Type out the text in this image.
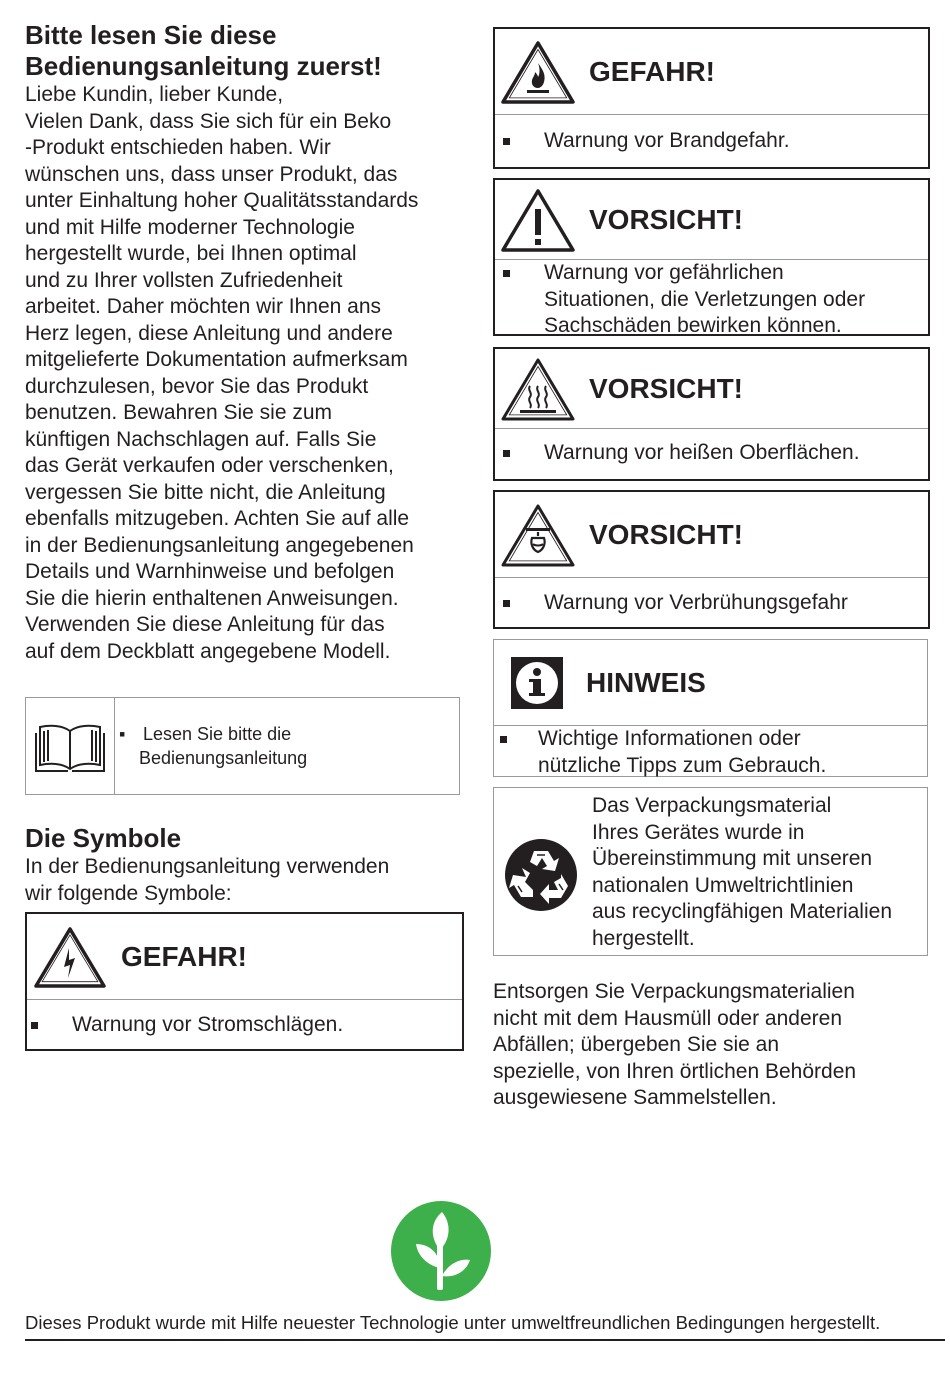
Bitte lesen Sie diese Bedienungsanleitung zuerst!
Liebe Kundin, lieber Kunde,
Vielen Dank, dass Sie sich für ein Beko
-Produkt entschieden haben. Wir
wünschen uns, dass unser Produkt, das
unter Einhaltung hoher Qualitätsstandards
und mit Hilfe moderner Technologie
hergestellt wurde, bei Ihnen optimal
und zu Ihrer vollsten Zufriedenheit
arbeitet. Daher möchten wir Ihnen ans
Herz legen, diese Anleitung und andere
mitgelieferte Dokumentation aufmerksam
durchzulesen, bevor Sie das Produkt
benutzen. Bewahren Sie sie zum
künftigen Nachschlagen auf. Falls Sie
das Gerät verkaufen oder verschenken,
vergessen Sie bitte nicht, die Anleitung
ebenfalls mitzugeben. Achten Sie auf alle
in der Bedienungsanleitung angegebenen
Details und Warnhinweise und befolgen
Sie die hierin enthaltenen Anweisungen.
Verwenden Sie diese Anleitung für das
auf dem Deckblatt angegebene Modell.
▪ Lesen Sie bitte die
Bedienungsanleitung
Die Symbole

In der Bedienungsanleitung verwenden

wir folgende Symbole:

GEFAHR!
Warnung vor Stromschlägen.
GEFAHR!
Warnung vor Brandgefahr.
VORSICHT!
Warnung vor gefährlichen
Situationen, die Verletzungen oder
Sachschäden bewirken können.
VORSICHT!
Warnung vor heißen Oberflächen.
VORSICHT!
Warnung vor Verbrühungsgefahr
HINWEIS
Wichtige Informationen oder
nützliche Tipps zum Gebrauch.
Das Verpackungsmaterial
Ihres Gerätes wurde in
Übereinstimmung mit unseren
nationalen Umweltrichtlinien
aus recyclingfähigen Materialien
hergestellt.
Entsorgen Sie Verpackungsmaterialien
nicht mit dem Hausmüll oder anderen
Abfällen; übergeben Sie sie an
spezielle, von Ihren örtlichen Behörden
ausgewiesene Sammelstellen.
Dieses Produkt wurde mit Hilfe neuester Technologie unter umweltfreundlichen Bedingungen hergestellt.
